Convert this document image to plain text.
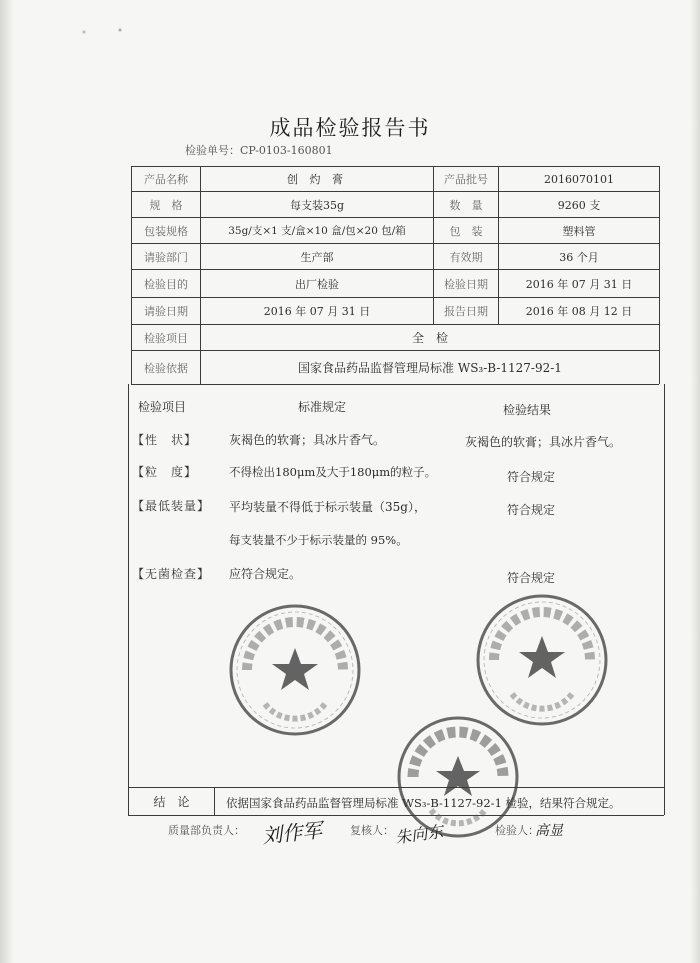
成品检验报告书
检验单号：CP-0103-160801
产品名称	创 灼 膏	产品批号	2016070101
规　格	每支装35g	数　量	9260 支
包装规格	35g/支×1 支/盒×10 盒/包×20 包/箱	包　装	塑料管
请验部门	生产部	有效期	36 个月
检验目的	出厂检验	检验日期	2016 年 07 月 31 日
请验日期	2016 年 07 月 31 日	报告日期	2016 年 08 月 12 日
检验项目	全　检
检验依据	国家食品药品监督管理局标准 WS₃-B-1127-92-1
检验项目	标准规定	检验结果
【性　状】	灰褐色的软膏；具冰片香气。	灰褐色的软膏；具冰片香气。
【粒　度】	不得检出180μm及大于180μm的粒子。	符合规定
【最低装量】 平均装量不得低于标示装量（35g），	符合规定
每支装量不少于标示装量的 95%。
【无菌检查】 应符合规定。	符合规定
结　论	依据国家食品药品监督管理局标准 WS₃-B-1127-92-1 检验，结果符合规定。
质量部负责人： 刘作军 复核人： 朱向东	检验人：
高显
